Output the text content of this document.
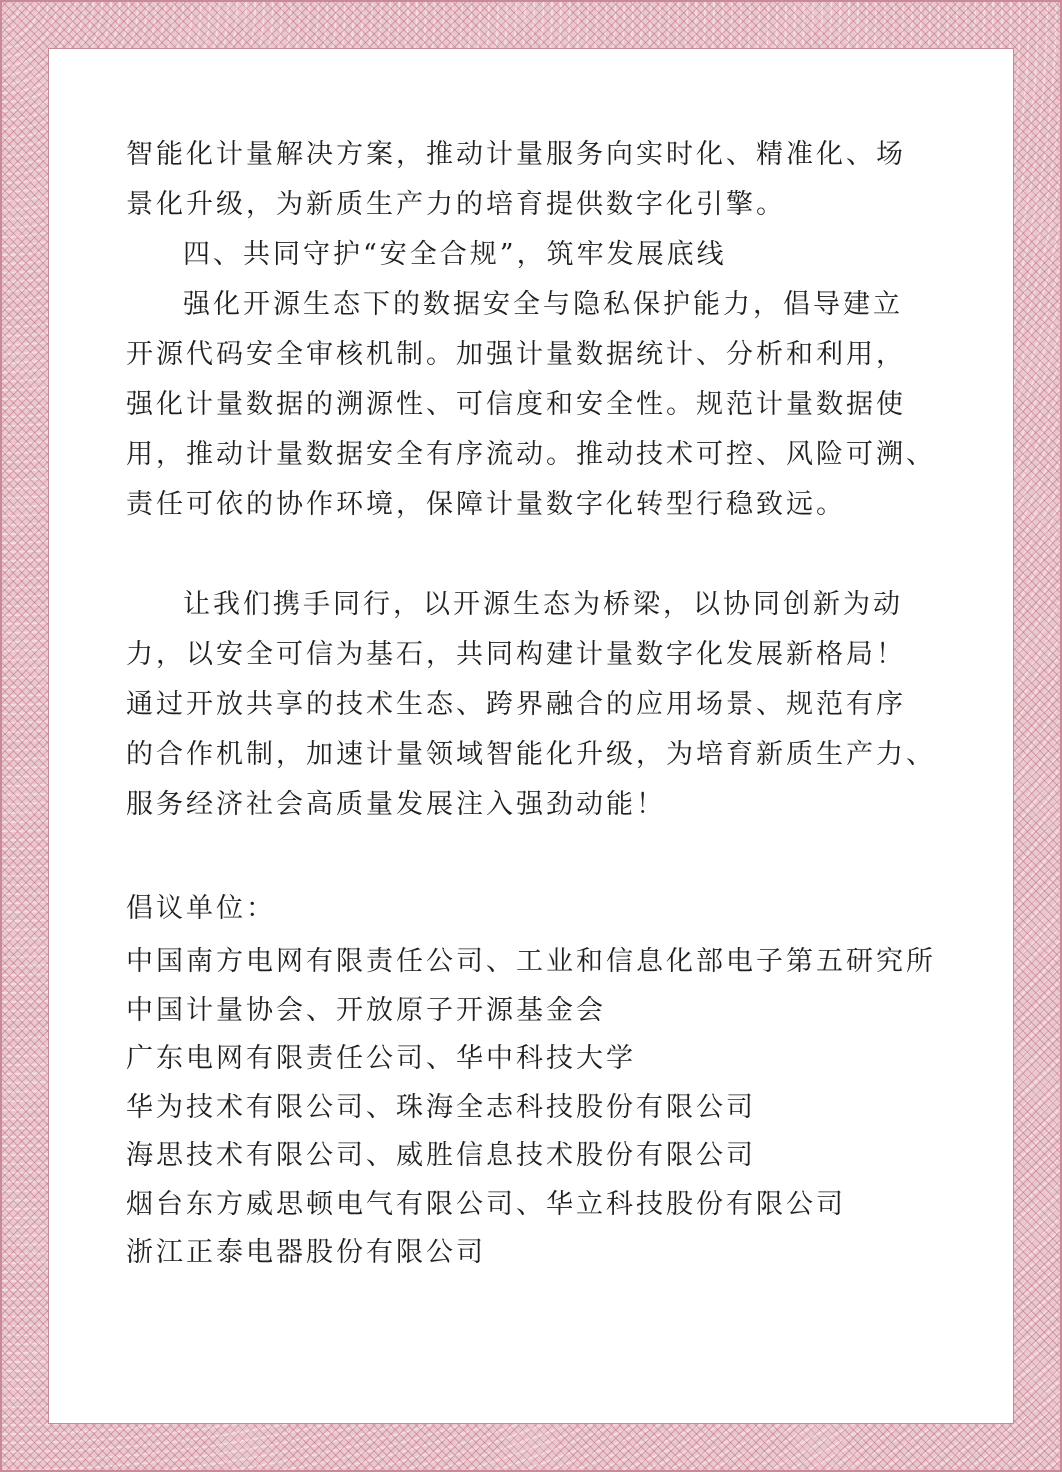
智能化计量解决方案，推动计量服务向实时化、精准化、场
景化升级，为新质生产力的培育提供数字化引擎。
四、共同守护“安全合规”，筑牢发展底线
强化开源生态下的数据安全与隐私保护能力，倡导建立
开源代码安全审核机制。加强计量数据统计、分析和利用，
强化计量数据的溯源性、可信度和安全性。规范计量数据使
用，推动计量数据安全有序流动。推动技术可控、风险可溯、
责任可依的协作环境，保障计量数字化转型行稳致远。
让我们携手同行，以开源生态为桥梁，以协同创新为动
力，以安全可信为基石，共同构建计量数字化发展新格局！
通过开放共享的技术生态、跨界融合的应用场景、规范有序
的合作机制，加速计量领域智能化升级，为培育新质生产力、
服务经济社会高质量发展注入强劲动能！
倡议单位：
中国南方电网有限责任公司、工业和信息化部电子第五研究所
中国计量协会、开放原子开源基金会
广东电网有限责任公司、华中科技大学
华为技术有限公司、珠海全志科技股份有限公司
海思技术有限公司、威胜信息技术股份有限公司
烟台东方威思顿电气有限公司、华立科技股份有限公司
浙江正泰电器股份有限公司
